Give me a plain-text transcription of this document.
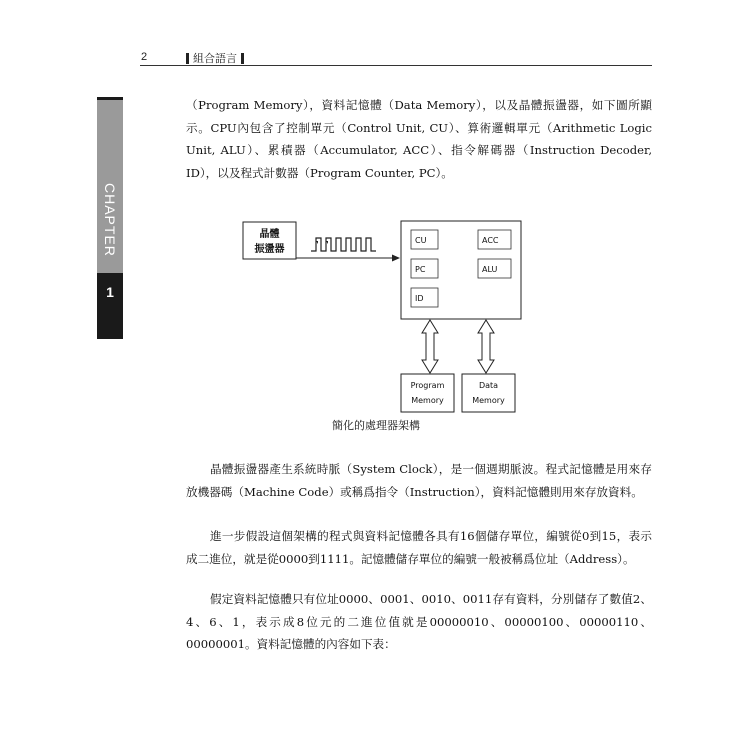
2	組合語言
CHAPTER
1

（Program Memory），資料記憶體（Data Memory），以及晶體振盪器，如下圖所顯示。CPU內包含了控制單元（Control Unit, CU）、算術邏輯單元（Arithmetic Logic Unit, ALU）、累積器（Accumulator, ACC）、指令解碼器（Instruction Decoder, ID），以及程式計數器（Program Counter, PC）。

晶體
振盪器
CU	ACC
PC	ALU
ID
Program
Memory
Data
Memory
簡化的處理器架構

晶體振盪器產生系統時脈（System Clock），是一個週期脈波。程式記憶體是用來存放機器碼（Machine Code）或稱爲指令（Instruction），資料記憶體則用來存放資料。

進一步假設這個架構的程式與資料記憶體各具有16個儲存單位，編號從0到15，表示成二進位，就是從0000到1111。記憶體儲存單位的編號一般被稱爲位址（Address）。

假定資料記憶體只有位址0000、0001、0010、0011存有資料，分別儲存了數值2、4、6、1，表示成8位元的二進位值就是00000010、00000100、00000110、00000001。資料記憶體的內容如下表：
